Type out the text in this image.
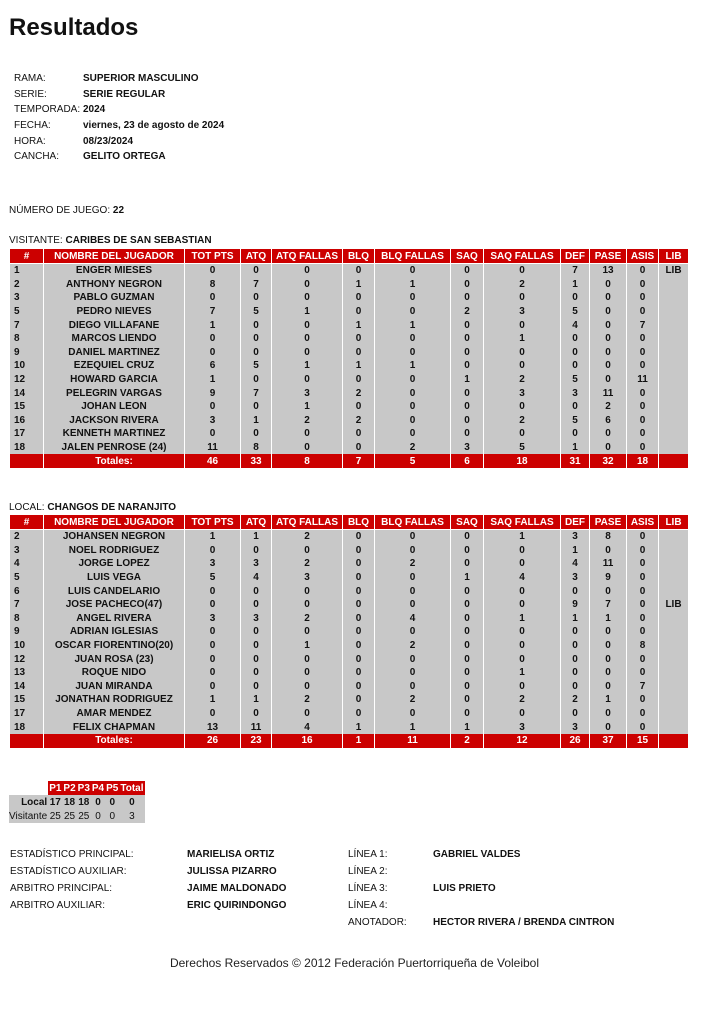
Resultados
RAMA:	SUPERIOR MASCULINO
SERIE:	SERIE REGULAR
TEMPORADA:	2024
FECHA:	viernes, 23 de agosto de 2024
HORA:	08/23/2024
CANCHA:	GELITO ORTEGA
NÚMERO DE JUEGO: 22
VISITANTE: CARIBES DE SAN SEBASTIAN
#	NOMBRE DEL JUGADOR	TOT PTS	ATQ	ATQ FALLAS	BLQ	BLQ FALLAS	SAQ	SAQ FALLAS	DEF	PASE	ASIS	LIB
1	ENGER MIESES	0	0	0	0	0	0	0	7	13	0	LIB
2	ANTHONY NEGRON	8	7	0	1	1	0	2	1	0	0	
3	PABLO GUZMAN	0	0	0	0	0	0	0	0	0	0	
5	PEDRO NIEVES	7	5	1	0	0	2	3	5	0	0	
7	DIEGO VILLAFANE	1	0	0	1	1	0	0	4	0	7	
8	MARCOS LIENDO	0	0	0	0	0	0	1	0	0	0	
9	DANIEL MARTINEZ	0	0	0	0	0	0	0	0	0	0	
10	EZEQUIEL CRUZ	6	5	1	1	1	0	0	0	0	0	
12	HOWARD GARCIA	1	0	0	0	0	1	2	5	0	11	
14	PELEGRIN VARGAS	9	7	3	2	0	0	3	3	11	0	
15	JOHAN LEON	0	0	1	0	0	0	0	0	2	0	
16	JACKSON RIVERA	3	1	2	2	0	0	2	5	6	0	
17	KENNETH MARTINEZ	0	0	0	0	0	0	0	0	0	0	
18	JALEN PENROSE (24)	11	8	0	0	2	3	5	1	0	0	
	Totales:	46	33	8	7	5	6	18	31	32	18	
LOCAL: CHANGOS DE NARANJITO
#	NOMBRE DEL JUGADOR	TOT PTS	ATQ	ATQ FALLAS	BLQ	BLQ FALLAS	SAQ	SAQ FALLAS	DEF	PASE	ASIS	LIB
2	JOHANSEN NEGRON	1	1	2	0	0	0	1	3	8	0	
3	NOEL RODRIGUEZ	0	0	0	0	0	0	0	1	0	0	
4	JORGE LOPEZ	3	3	2	0	2	0	0	4	11	0	
5	LUIS VEGA	5	4	3	0	0	1	4	3	9	0	
6	LUIS CANDELARIO	0	0	0	0	0	0	0	0	0	0	
7	JOSE PACHECO(47)	0	0	0	0	0	0	0	9	7	0	LIB
8	ANGEL RIVERA	3	3	2	0	4	0	1	1	1	0	
9	ADRIAN IGLESIAS	0	0	0	0	0	0	0	0	0	0	
10	OSCAR FIORENTINO(20)	0	0	1	0	2	0	0	0	0	8	
12	JUAN ROSA (23)	0	0	0	0	0	0	0	0	0	0	
13	ROQUE NIDO	0	0	0	0	0	0	1	0	0	0	
14	JUAN MIRANDA	0	0	0	0	0	0	0	0	0	7	
15	JONATHAN RODRIGUEZ	1	1	2	0	2	0	2	2	1	0	
17	AMAR MENDEZ	0	0	0	0	0	0	0	0	0	0	
18	FELIX CHAPMAN	13	11	4	1	1	1	3	3	0	0	
	Totales:	26	23	16	1	11	2	12	26	37	15	
	P1	P2	P3	P4	P5	Total
Local	17	18	18	0	0	0
Visitante	25	25	25	0	0	3
ESTADÍSTICO PRINCIPAL:	MARIELISA ORTIZ
ESTADÍSTICO AUXILIAR:	JULISSA PIZARRO
ARBITRO PRINCIPAL:	JAIME MALDONADO
ARBITRO AUXILIAR:	ERIC QUIRINDONGO
LÍNEA 1:	GABRIEL VALDES
LÍNEA 2:
LÍNEA 3:	LUIS PRIETO
LÍNEA 4:
ANOTADOR:	HECTOR RIVERA / BRENDA CINTRON
Derechos Reservados © 2012 Federación Puertorriqueña de Voleibol
